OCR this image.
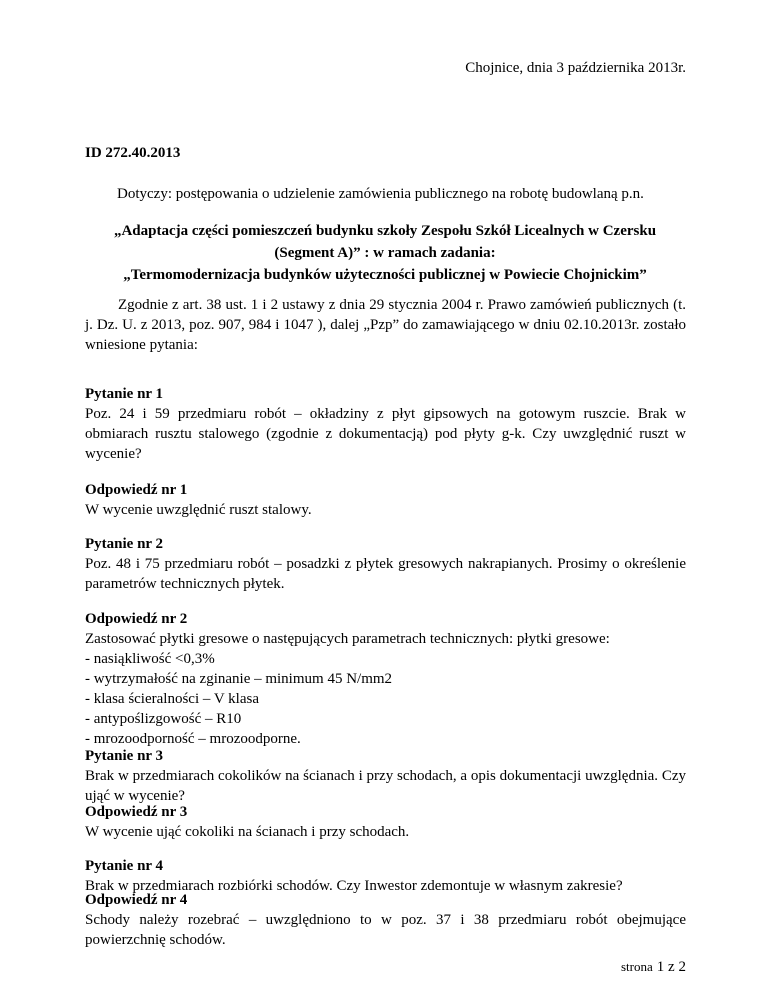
Chojnice, dnia 3 października 2013r.

ID 272.40.2013

Dotyczy: postępowania o udzielenie zamówienia publicznego na robotę budowlaną p.n.

„Adaptacja części pomieszczeń budynku szkoły Zespołu Szkół Licealnych w Czersku
(Segment A)” : w ramach zadania:
„Termomodernizacja budynków użyteczności publicznej w Powiecie Chojnickim”

Zgodnie z art. 38 ust. 1 i 2 ustawy z dnia 29 stycznia 2004 r. Prawo zamówień publicznych (t. j. Dz. U. z 2013, poz. 907, 984 i 1047 ), dalej „Pzp” do zamawiającego w dniu 02.10.2013r. zostało wniesione pytania:

Pytanie nr 1
Poz. 24 i 59 przedmiaru robót – okładziny z płyt gipsowych na gotowym ruszcie. Brak w obmiarach rusztu stalowego (zgodnie z dokumentacją) pod płyty g-k. Czy uwzględnić ruszt w wycenie?
Odpowiedź nr 1
W wycenie uwzględnić ruszt stalowy.
Pytanie nr 2
Poz. 48 i 75 przedmiaru robót – posadzki z płytek gresowych nakrapianych. Prosimy o określenie parametrów technicznych płytek.
Odpowiedź nr 2
Zastosować płytki gresowe o następujących parametrach technicznych: płytki gresowe:
- nasiąkliwość <0,3%
- wytrzymałość na zginanie – minimum 45 N/mm2
- klasa ścieralności – V klasa
- antypoślizgowość – R10
- mrozoodporność – mrozoodporne.
Pytanie nr 3
Brak w przedmiarach cokolików na ścianach i przy schodach, a opis dokumentacji uwzględnia. Czy ująć w wycenie?
Odpowiedź nr 3
W wycenie ująć cokoliki na ścianach i przy schodach.
Pytanie nr 4
Brak w przedmiarach rozbiórki schodów. Czy Inwestor zdemontuje w własnym zakresie?
Odpowiedź nr 4
Schody należy rozebrać – uwzględniono to w poz. 37 i 38 przedmiaru robót obejmujące powierzchnię schodów.
strona 1 z 2
